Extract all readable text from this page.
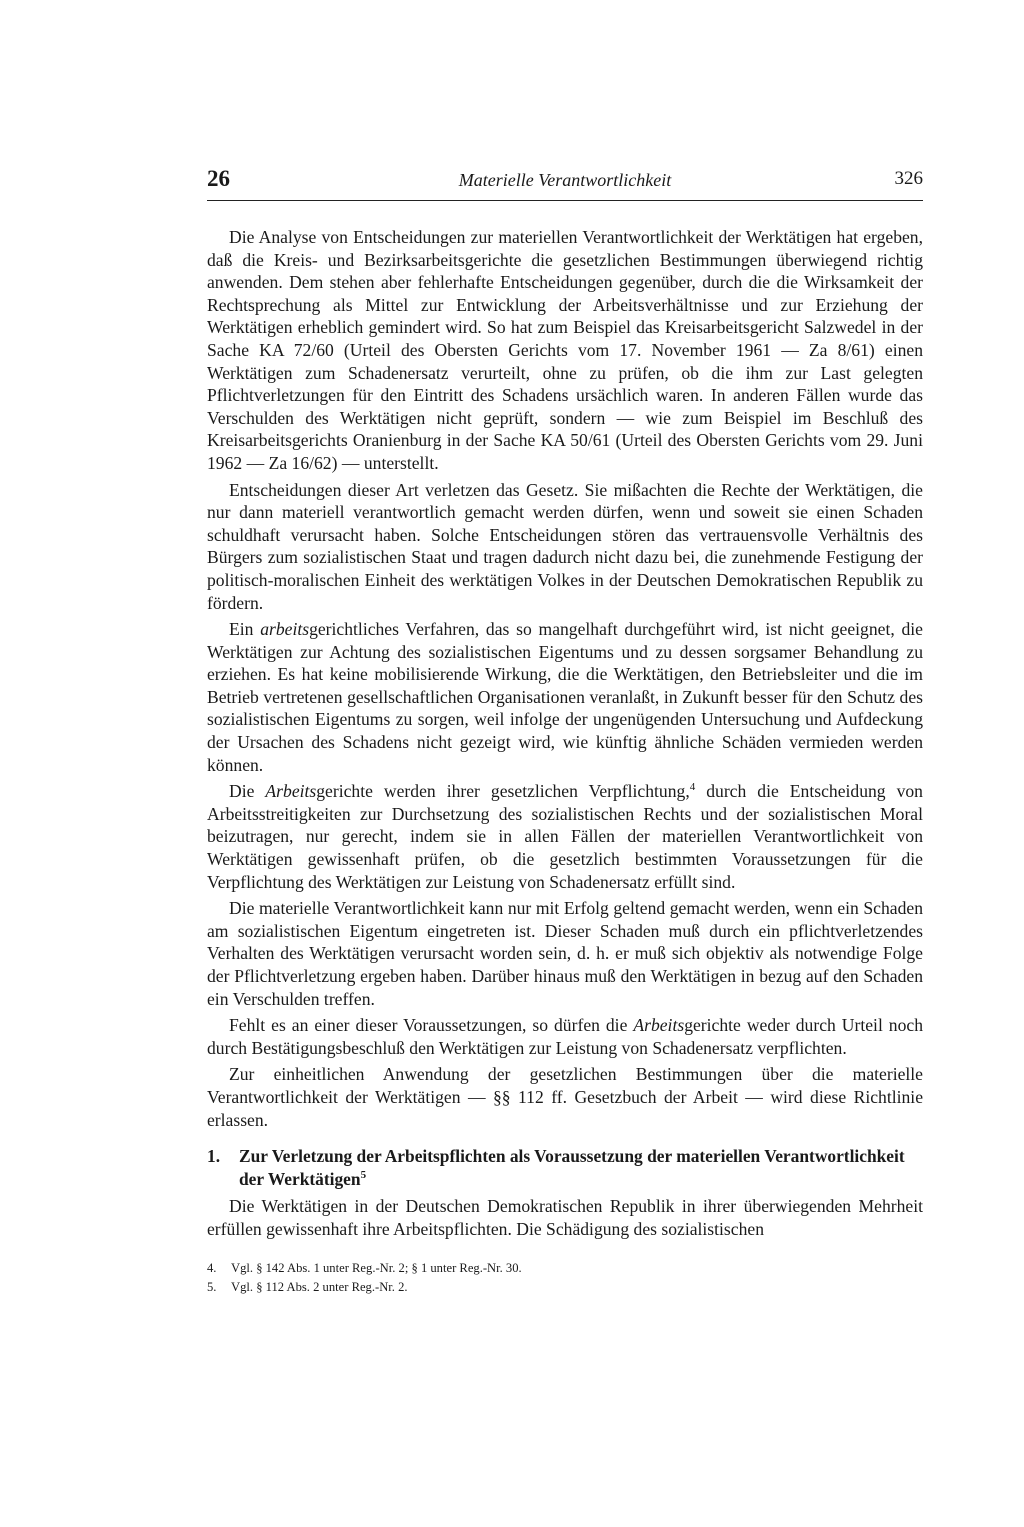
26	Materielle Verantwortlichkeit	326

Die Analyse von Entscheidungen zur materiellen Verantwortlichkeit der Werktätigen hat ergeben, daß die Kreis- und Bezirksarbeitsgerichte die gesetzlichen Bestimmungen überwiegend richtig anwenden. Dem stehen aber fehlerhafte Entscheidungen gegenüber, durch die die Wirksamkeit der Rechtsprechung als Mittel zur Entwicklung der Arbeitsverhältnisse und zur Erziehung der Werktätigen erheblich gemindert wird. So hat zum Beispiel das Kreisarbeitsgericht Salzwedel in der Sache KA 72/60 (Urteil des Obersten Gerichts vom 17. November 1961 — Za 8/61) einen Werktätigen zum Schadenersatz verurteilt, ohne zu prüfen, ob die ihm zur Last gelegten Pflichtverletzungen für den Eintritt des Schadens ursächlich waren. In anderen Fällen wurde das Verschulden des Werktätigen nicht geprüft, sondern — wie zum Beispiel im Beschluß des Kreisarbeitsgerichts Oranienburg in der Sache KA 50/61 (Urteil des Obersten Gerichts vom 29. Juni 1962 — Za 16/62) — unterstellt.

Entscheidungen dieser Art verletzen das Gesetz. Sie mißachten die Rechte der Werktätigen, die nur dann materiell verantwortlich gemacht werden dürfen, wenn und soweit sie einen Schaden schuldhaft verursacht haben. Solche Entscheidungen stören das vertrauensvolle Verhältnis des Bürgers zum sozialistischen Staat und tragen dadurch nicht dazu bei, die zunehmende Festigung der politisch-moralischen Einheit des werktätigen Volkes in der Deutschen Demokratischen Republik zu fördern.

Ein arbeitsgerichtliches Verfahren, das so mangelhaft durchgeführt wird, ist nicht geeignet, die Werktätigen zur Achtung des sozialistischen Eigentums und zu dessen sorgsamer Behandlung zu erziehen. Es hat keine mobilisierende Wirkung, die die Werktätigen, den Betriebsleiter und die im Betrieb vertretenen gesellschaftlichen Organisationen veranlaßt, in Zukunft besser für den Schutz des sozialistischen Eigentums zu sorgen, weil infolge der ungenügenden Untersuchung und Aufdeckung der Ursachen des Schadens nicht gezeigt wird, wie künftig ähnliche Schäden vermieden werden können.

Die Arbeitsgerichte werden ihrer gesetzlichen Verpflichtung,$^4$ durch die Entscheidung von Arbeitsstreitigkeiten zur Durchsetzung des sozialistischen Rechts und der sozialistischen Moral beizutragen, nur gerecht, indem sie in allen Fällen der materiellen Verantwortlichkeit von Werktätigen gewissenhaft prüfen, ob die gesetzlich bestimmten Voraussetzungen für die Verpflichtung des Werktätigen zur Leistung von Schadenersatz erfüllt sind.

Die materielle Verantwortlichkeit kann nur mit Erfolg geltend gemacht werden, wenn ein Schaden am sozialistischen Eigentum eingetreten ist. Dieser Schaden muß durch ein pflichtverletzendes Verhalten des Werktätigen verursacht worden sein, d. h. er muß sich objektiv als notwendige Folge der Pflichtverletzung ergeben haben. Darüber hinaus muß den Werktätigen in bezug auf den Schaden ein Verschulden treffen.

Fehlt es an einer dieser Voraussetzungen, so dürfen die Arbeitsgerichte weder durch Urteil noch durch Bestätigungsbeschluß den Werktätigen zur Leistung von Schadenersatz verpflichten.

Zur einheitlichen Anwendung der gesetzlichen Bestimmungen über die materielle Verantwortlichkeit der Werktätigen — §§ 112 ff. Gesetzbuch der Arbeit — wird diese Richtlinie erlassen.

1. Zur Verletzung der Arbeitspflichten als Voraussetzung der materiellen Verantwortlichkeit der Werktätigen$^5$

Die Werktätigen in der Deutschen Demokratischen Republik in ihrer überwiegenden Mehrheit erfüllen gewissenhaft ihre Arbeitspflichten. Die Schädigung des sozialistischen

4. Vgl. § 142 Abs. 1 unter Reg.-Nr. 2; § 1 unter Reg.-Nr. 30.

5. Vgl. § 112 Abs. 2 unter Reg.-Nr. 2.
